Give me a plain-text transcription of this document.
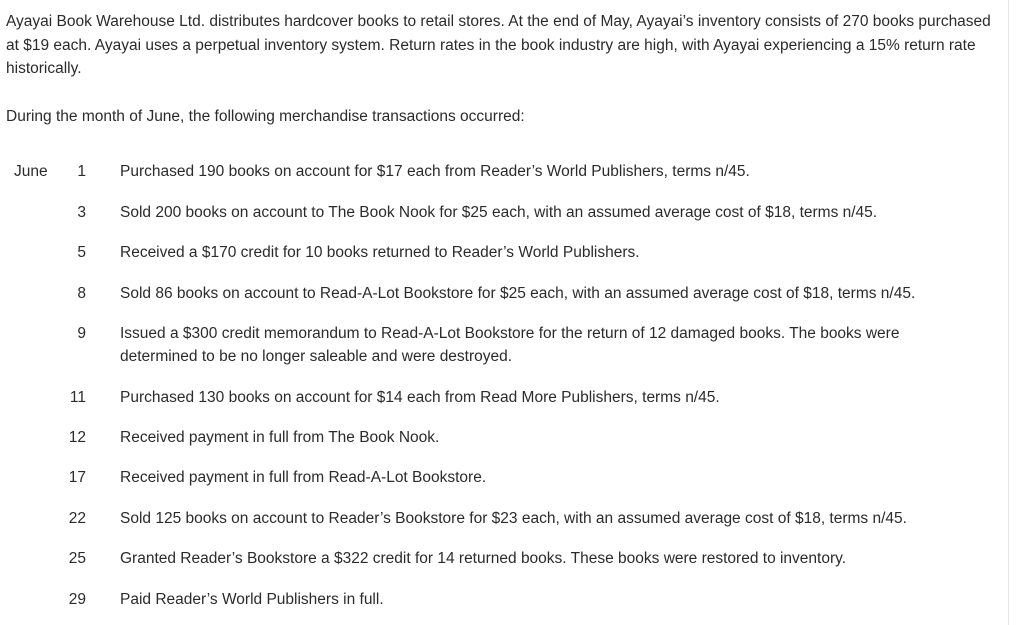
Ayayai Book Warehouse Ltd. distributes hardcover books to retail stores. At the end of May, Ayayai’s inventory consists of 270 books purchased at $19 each. Ayayai uses a perpetual inventory system. Return rates in the book industry are high, with Ayayai experiencing a 15% return rate historically.

During the month of June, the following merchandise transactions occurred:

June	1 Purchased 190 books on account for $17 each from Reader’s World Publishers, terms n/45.
3 Sold 200 books on account to The Book Nook for $25 each, with an assumed average cost of $18, terms n/45.
5 Received a $170 credit for 10 books returned to Reader’s World Publishers.
8 Sold 86 books on account to Read-A-Lot Bookstore for $25 each, with an assumed average cost of $18, terms n/45.
9 Issued a $300 credit memorandum to Read-A-Lot Bookstore for the return of 12 damaged books. The books were determined to be no longer saleable and were destroyed.
11 Purchased 130 books on account for $14 each from Read More Publishers, terms n/45.
12 Received payment in full from The Book Nook.
17 Received payment in full from Read-A-Lot Bookstore.
22 Sold 125 books on account to Reader’s Bookstore for $23 each, with an assumed average cost of $18, terms n/45.
25 Granted Reader’s Bookstore a $322 credit for 14 returned books. These books were restored to inventory.
29 Paid Reader’s World Publishers in full.
